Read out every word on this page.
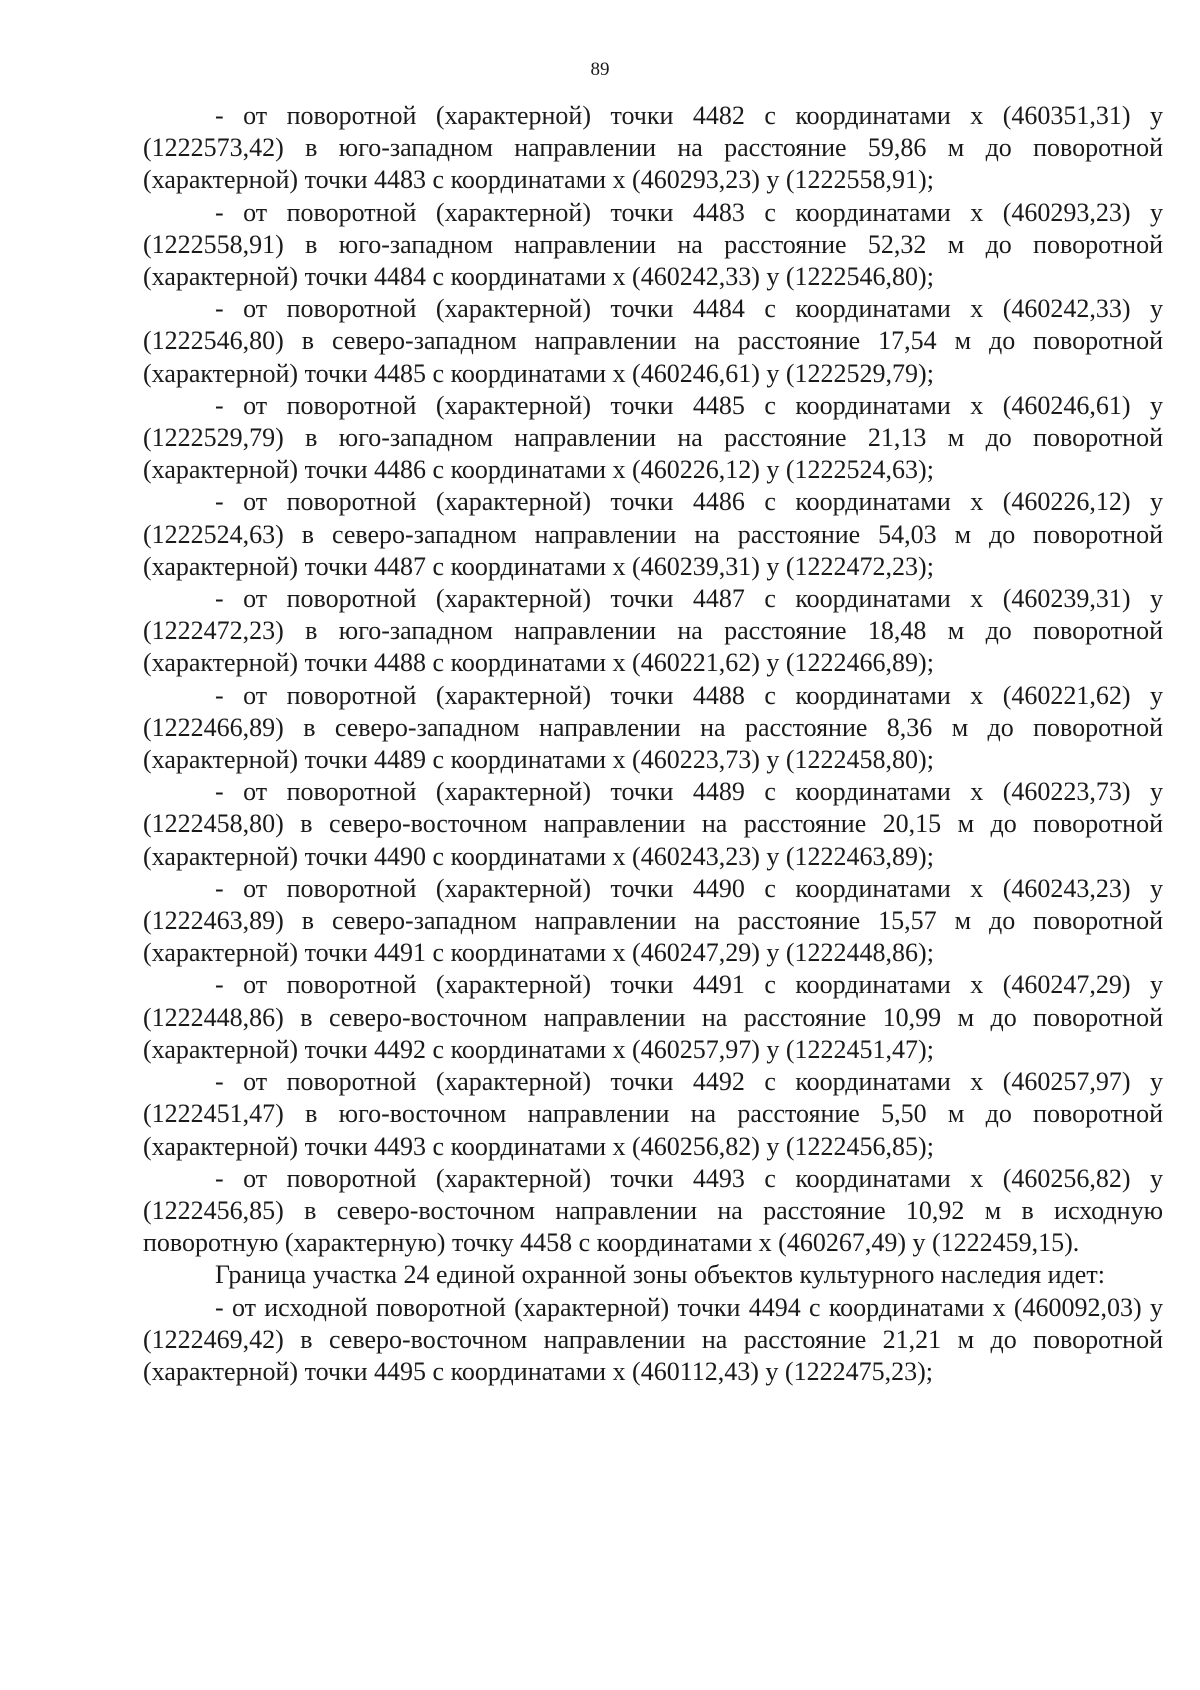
89

- от поворотной (характерной) точки 4482 с координатами x (460351,31) y (1222573,42) в юго-западном направлении на расстояние 59,86 м до поворотной (характерной) точки 4483 с координатами x (460293,23) y (1222558,91);

- от поворотной (характерной) точки 4483 с координатами x (460293,23) y (1222558,91) в юго-западном направлении на расстояние 52,32 м до поворотной (характерной) точки 4484 с координатами x (460242,33) y (1222546,80);

- от поворотной (характерной) точки 4484 с координатами x (460242,33) y (1222546,80) в северо-западном направлении на расстояние 17,54 м до поворотной (характерной) точки 4485 с координатами x (460246,61) y (1222529,79);

- от поворотной (характерной) точки 4485 с координатами x (460246,61) y (1222529,79) в юго-западном направлении на расстояние 21,13 м до поворотной (характерной) точки 4486 с координатами x (460226,12) y (1222524,63);

- от поворотной (характерной) точки 4486 с координатами x (460226,12) y (1222524,63) в северо-западном направлении на расстояние 54,03 м до поворотной (характерной) точки 4487 с координатами x (460239,31) y (1222472,23);

- от поворотной (характерной) точки 4487 с координатами x (460239,31) y (1222472,23) в юго-западном направлении на расстояние 18,48 м до поворотной (характерной) точки 4488 с координатами x (460221,62) y (1222466,89);

- от поворотной (характерной) точки 4488 с координатами x (460221,62) y (1222466,89) в северо-западном направлении на расстояние 8,36 м до поворотной (характерной) точки 4489 с координатами x (460223,73) y (1222458,80);

- от поворотной (характерной) точки 4489 с координатами x (460223,73) y (1222458,80) в северо-восточном направлении на расстояние 20,15 м до поворотной (характерной) точки 4490 с координатами x (460243,23) y (1222463,89);

- от поворотной (характерной) точки 4490 с координатами x (460243,23) y (1222463,89) в северо-западном направлении на расстояние 15,57 м до поворотной (характерной) точки 4491 с координатами x (460247,29) y (1222448,86);

- от поворотной (характерной) точки 4491 с координатами x (460247,29) y (1222448,86) в северо-восточном направлении на расстояние 10,99 м до поворотной (характерной) точки 4492 с координатами x (460257,97) y (1222451,47);

- от поворотной (характерной) точки 4492 с координатами x (460257,97) y (1222451,47) в юго-восточном направлении на расстояние 5,50 м до поворотной (характерной) точки 4493 с координатами x (460256,82) y (1222456,85);

- от поворотной (характерной) точки 4493 с координатами x (460256,82) y (1222456,85) в северо-восточном направлении на расстояние 10,92 м в исходную поворотную (характерную) точку 4458 с координатами x (460267,49) y (1222459,15).

Граница участка 24 единой охранной зоны объектов культурного наследия идет:

- от исходной поворотной (характерной) точки 4494 с координатами x (460092,03) y (1222469,42) в северо-восточном направлении на расстояние 21,21 м до поворотной (характерной) точки 4495 с координатами x (460112,43) y (1222475,23);
